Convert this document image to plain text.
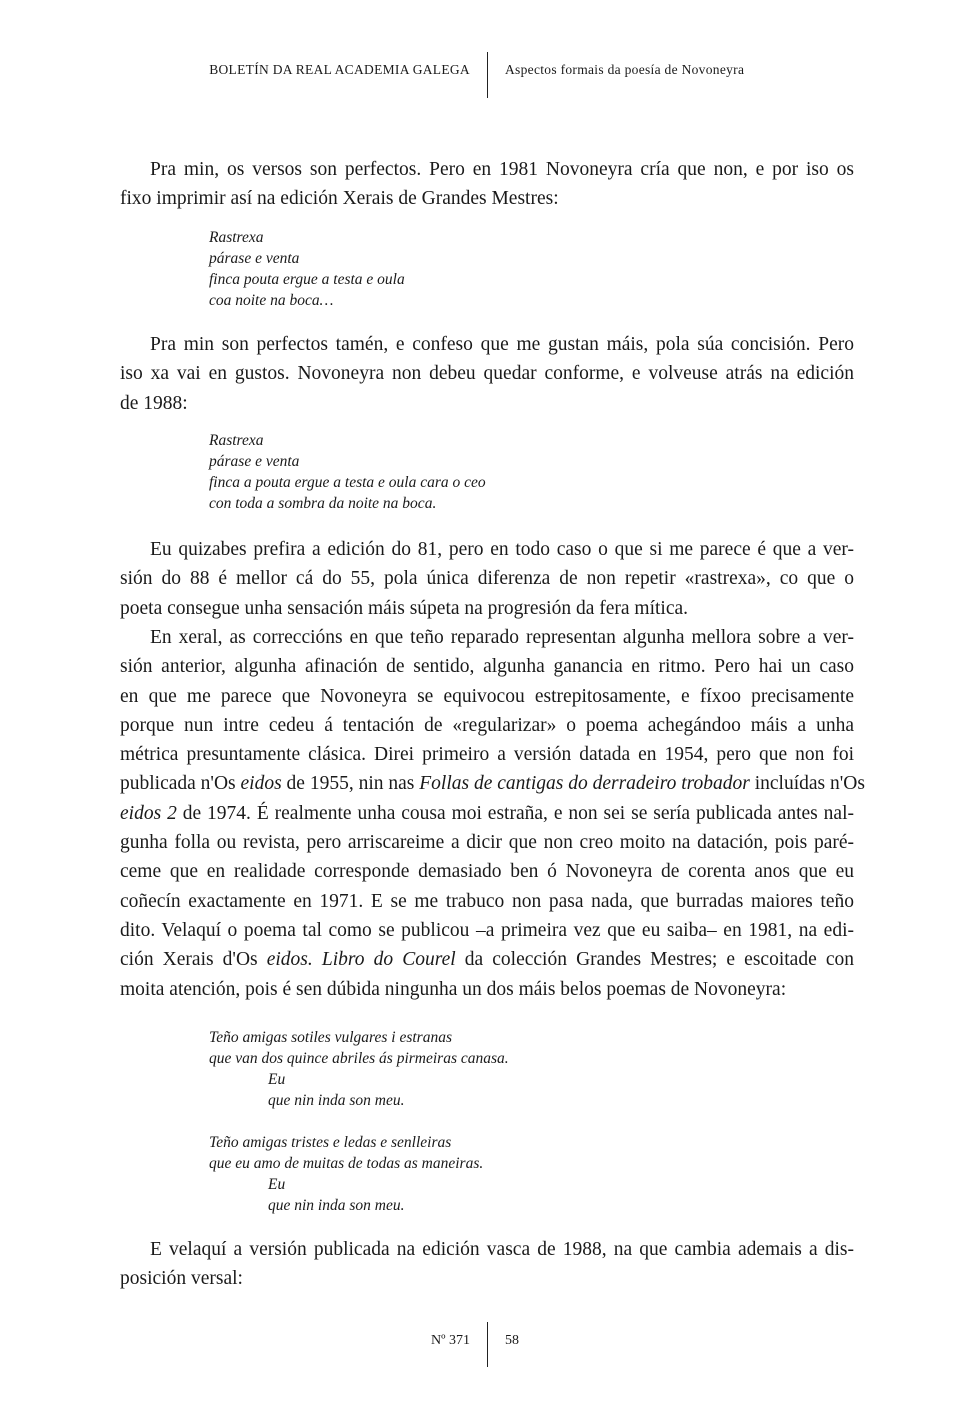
BOLETÍN DA REAL ACADEMIA GALEGA	Aspectos formais da poesía de Novoneyra

Pra min, os versos son perfectos. Pero en 1981 Novoneyra cría que non, e por iso os
fixo imprimir así na edición Xerais de Grandes Mestres:

Rastrexa
párase e venta
finca pouta ergue a testa e oula
coa noite na boca…

Pra min son perfectos tamén, e confeso que me gustan máis, pola súa concisión. Pero
iso xa vai en gustos. Novoneyra non debeu quedar conforme, e volveuse atrás na edición
de 1988:

Rastrexa
párase e venta
finca a pouta ergue a testa e oula cara o ceo
con toda a sombra da noite na boca.

Eu quizabes prefira a edición do 81, pero en todo caso o que si me parece é que a ver-
sión do 88 é mellor cá do 55, pola única diferenza de non repetir «rastrexa», co que o
poeta consegue unha sensación máis súpeta na progresión da fera mítica.

En xeral, as correccións en que teño reparado representan algunha mellora sobre a ver-
sión anterior, algunha afinación de sentido, algunha ganancia en ritmo. Pero hai un caso
en que me parece que Novoneyra se equivocou estrepitosamente, e fíxoo precisamente
porque nun intre cedeu á tentación de «regularizar» o poema achegándoo máis a unha
métrica presuntamente clásica. Direi primeiro a versión datada en 1954, pero que non foi
publicada n'Os eidos de 1955, nin nas Follas de cantigas do derradeiro trobador incluídas n'Os
eidos 2 de 1974. É realmente unha cousa moi estraña, e non sei se sería publicada antes nal-
gunha folla ou revista, pero arriscareime a dicir que non creo moito na datación, pois paré-
ceme que en realidade corresponde demasiado ben ó Novoneyra de corenta anos que eu
coñecín exactamente en 1971. E se me trabuco non pasa nada, que burradas maiores teño
dito. Velaquí o poema tal como se publicou –a primeira vez que eu saiba– en 1981, na edi-
ción Xerais d'Os eidos. Libro do Courel da colección Grandes Mestres; e escoitade con
moita atención, pois é sen dúbida ningunha un dos máis belos poemas de Novoneyra:

Teño amigas sotiles vulgares i estranas
que van dos quince abriles ás pirmeiras canasa.
Eu
que nin inda son meu.
Teño amigas tristes e ledas e senlleiras
que eu amo de muitas de todas as maneiras.
Eu
que nin inda son meu.

E velaquí a versión publicada na edición vasca de 1988, na que cambia ademais a dis-
posición versal:

Nº 371	58
